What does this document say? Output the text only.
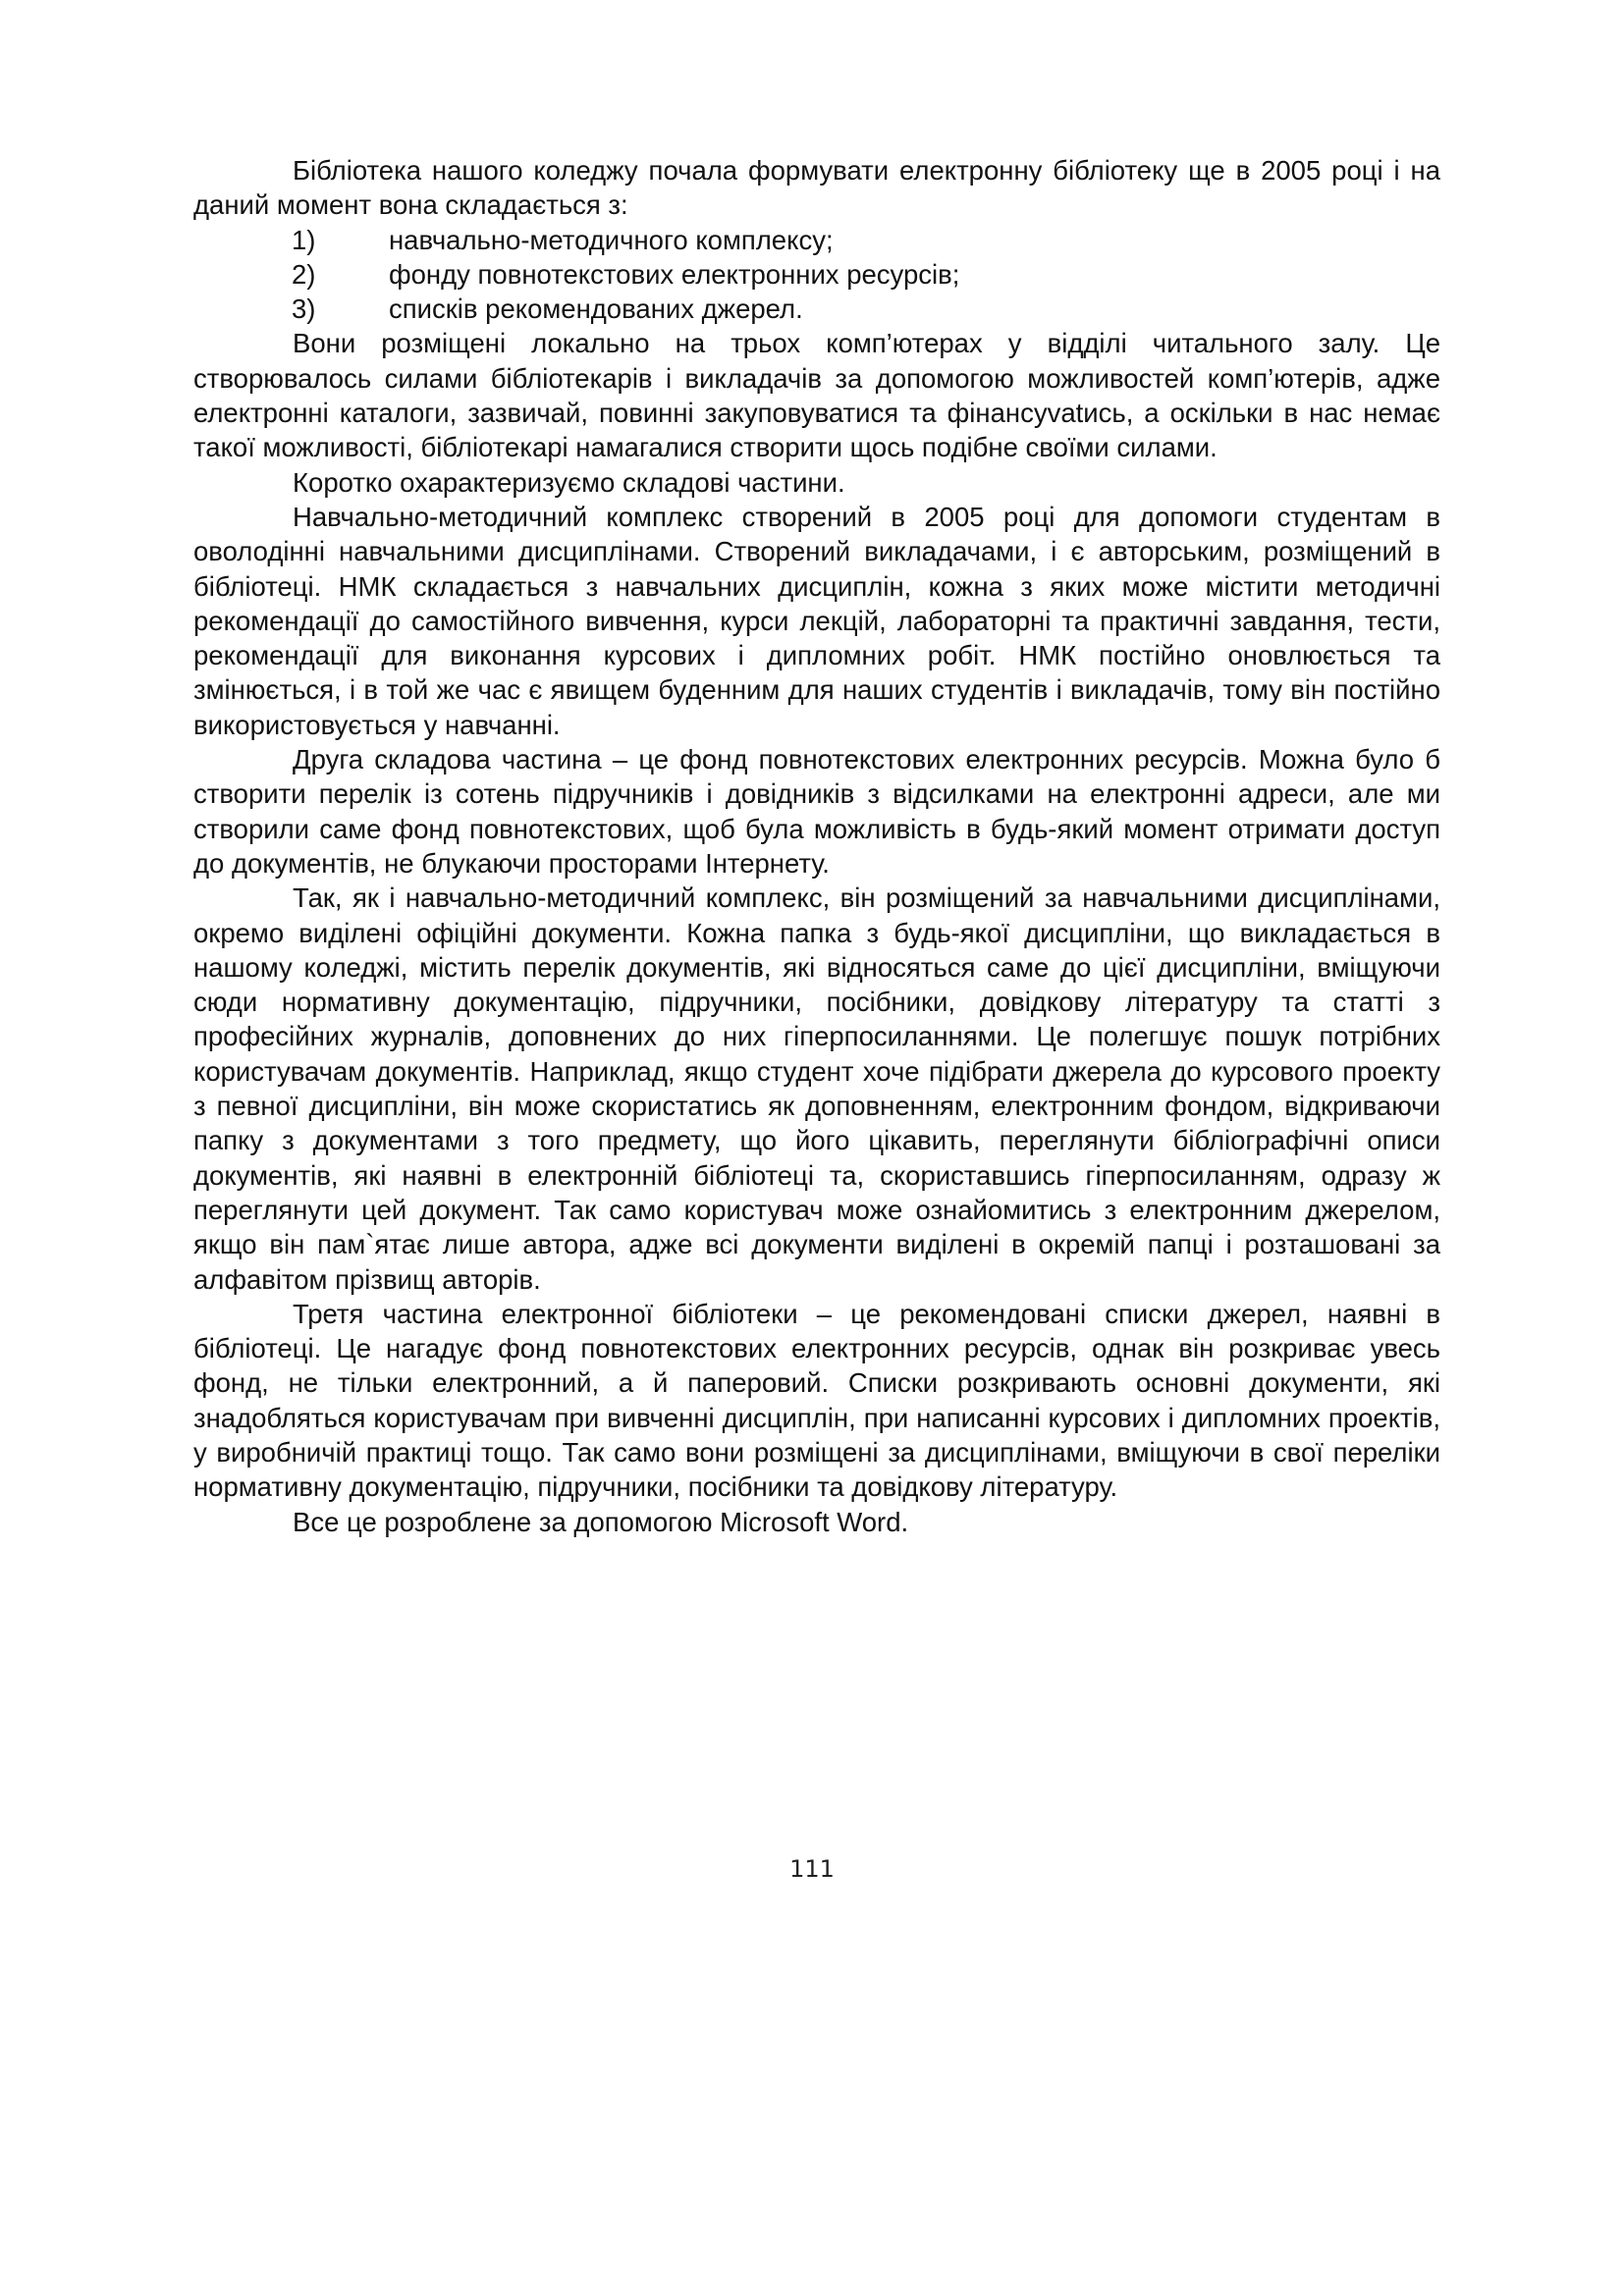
Бібліотека нашого коледжу почала формувати електронну бібліотеку ще в 2005 році і на даний момент вона складається з:

1)	навчально-методичного комплексу;
2)	фонду повнотекстових електронних ресурсів;
3)	списків рекомендованих джерел.

Вони розміщені локально на трьох комп’ютерах у відділі читального залу. Це створювалось силами бібліотекарів і викладачів за допомогою можливостей комп’ютерів, адже електронні каталоги, зазвичай, повинні закуповуватися та фінансуvatись, а оскільки в нас немає такої можливості, бібліотекарі намагалися створити щось подібне своїми силами.

Коротко охарактеризуємо складові частини.

Навчально-методичний комплекс створений в 2005 році для допомоги студентам в оволодінні навчальними дисциплінами. Створений викладачами, і є авторським, розміщений в бібліотеці. НМК складається з навчальних дисциплін, кожна з яких може містити методичні рекомендації до самостійного вивчення, курси лекцій, лабораторні та практичні завдання, тести, рекомендації для виконання курсових і дипломних робіт. НМК постійно оновлюється та змінюється, і в той же час є явищем буденним для наших студентів і викладачів, тому він постійно використовується у навчанні.

Друга складова частина – це фонд повнотекстових електронних ресурсів. Можна було б створити перелік із сотень підручників і довідників з відсилками на електронні адреси, але ми створили саме фонд повнотекстових, щоб була можливість в будь-який момент отримати доступ до документів, не блукаючи просторами Інтернету.

Так, як і навчально-методичний комплекс, він розміщений за навчальними дисциплінами, окремо виділені офіційні документи. Кожна папка з будь-якої дисципліни, що викладається в нашому коледжі, містить перелік документів, які відносяться саме до цієї дисципліни, вміщуючи сюди нормативну документацію, підручники, посібники, довідкову літературу та статті з професійних журналів, доповнених до них гіперпосиланнями. Це полегшує пошук потрібних користувачам документів. Наприклад, якщо студент хоче підібрати джерела до курсового проекту з певної дисципліни, він може скористатись як доповненням, електронним фондом, відкриваючи папку з документами з того предмету, що його цікавить, переглянути бібліографічні описи документів, які наявні в електронній бібліотеці та, скориставшись гіперпосиланням, одразу ж переглянути цей документ. Так само користувач може ознайомитись з електронним джерелом, якщо він пам`ятає лише автора, адже всі документи виділені в окремій папці і розташовані за алфавітом прізвищ авторів.

Третя частина електронної бібліотеки – це рекомендовані списки джерел, наявні в бібліотеці. Це нагадує фонд повнотекстових електронних ресурсів, однак він розкриває увесь фонд, не тільки електронний, а й паперовий. Списки розкривають основні документи, які знадобляться користувачам при вивченні дисциплін, при написанні курсових і дипломних проектів, у виробничій практиці тощо. Так само вони розміщені за дисциплінами, вміщуючи в свої переліки нормативну документацію, підручники, посібники та довідкову літературу.

Все це розроблене за допомогою Microsoft Word.

111
